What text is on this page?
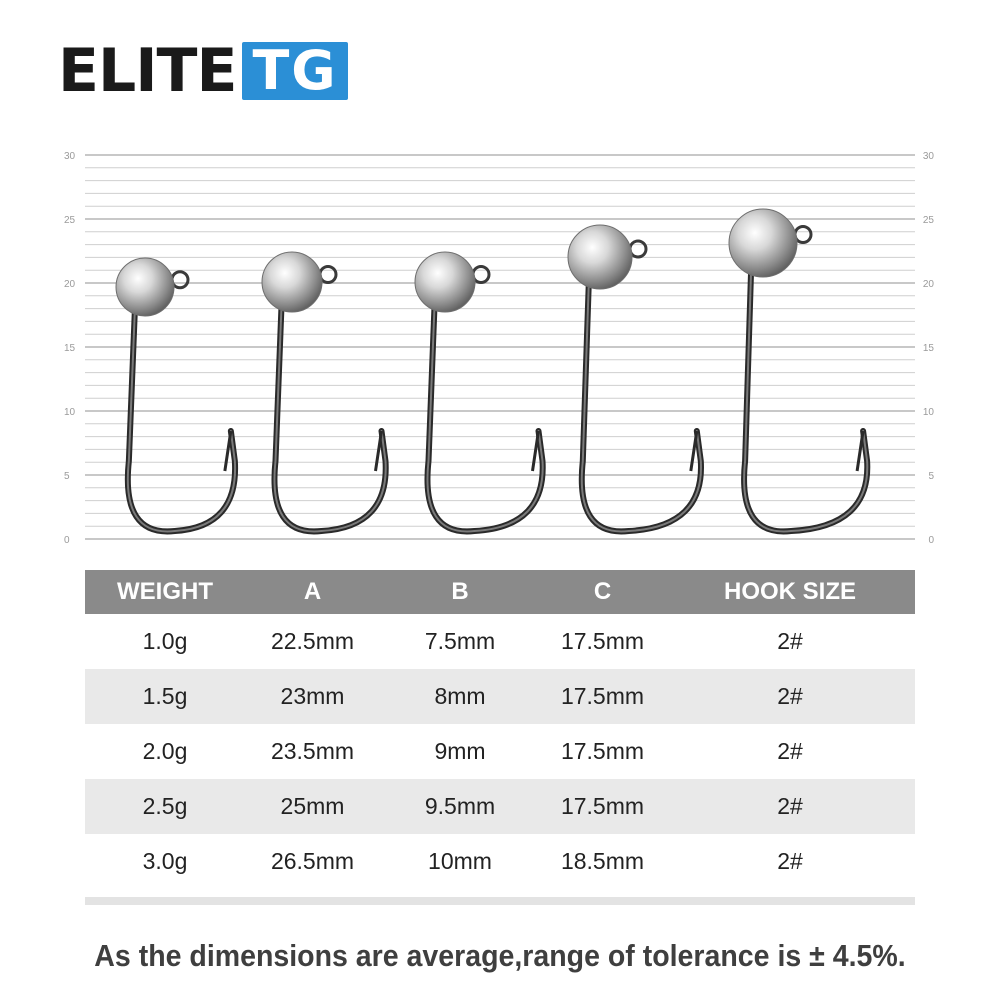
ELITE TG
0	0
5	5
10	10
15	15
20	20
25	25
30	30
WEIGHT	A	B	C	HOOK SIZE
1.0g	22.5mm	7.5mm	17.5mm	2#
1.5g	23mm	8mm	17.5mm	2#
2.0g	23.5mm	9mm	17.5mm	2#
2.5g	25mm	9.5mm	17.5mm	2#
3.0g	26.5mm	10mm	18.5mm	2#
As the dimensions are average,range of tolerance is ± 4.5%.
